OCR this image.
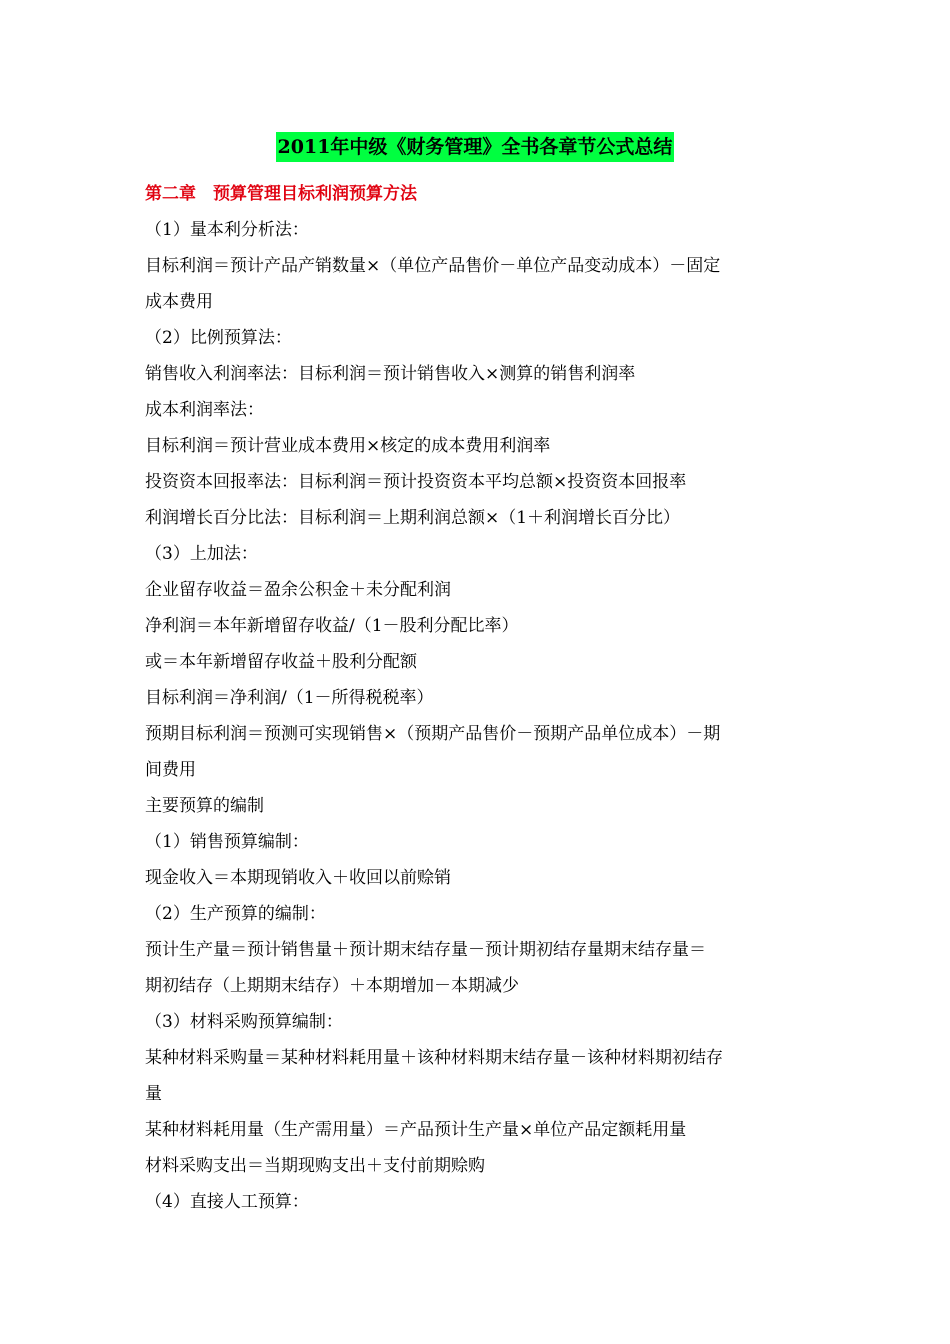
2011年中级《财务管理》全书各章节公式总结
第二章　预算管理目标利润预算方法
（1）量本利分析法：
目标利润＝预计产品产销数量×（单位产品售价－单位产品变动成本）－固定
成本费用
（2）比例预算法：
销售收入利润率法：目标利润＝预计销售收入×测算的销售利润率
成本利润率法：
目标利润＝预计营业成本费用×核定的成本费用利润率
投资资本回报率法：目标利润＝预计投资资本平均总额×投资资本回报率
利润增长百分比法：目标利润＝上期利润总额×（1＋利润增长百分比）
（3）上加法：
企业留存收益＝盈余公积金＋未分配利润
净利润＝本年新增留存收益/（1－股利分配比率）
或＝本年新增留存收益＋股利分配额
目标利润＝净利润/（1－所得税税率）
预期目标利润＝预测可实现销售×（预期产品售价－预期产品单位成本）－期
间费用
主要预算的编制
（1）销售预算编制：
现金收入＝本期现销收入＋收回以前赊销
（2）生产预算的编制：
预计生产量＝预计销售量＋预计期末结存量－预计期初结存量期末结存量＝
期初结存（上期期末结存）＋本期增加－本期减少
（3）材料采购预算编制：
某种材料采购量＝某种材料耗用量＋该种材料期末结存量－该种材料期初结存
量
某种材料耗用量（生产需用量）＝产品预计生产量×单位产品定额耗用量
材料采购支出＝当期现购支出＋支付前期赊购
（4）直接人工预算：
